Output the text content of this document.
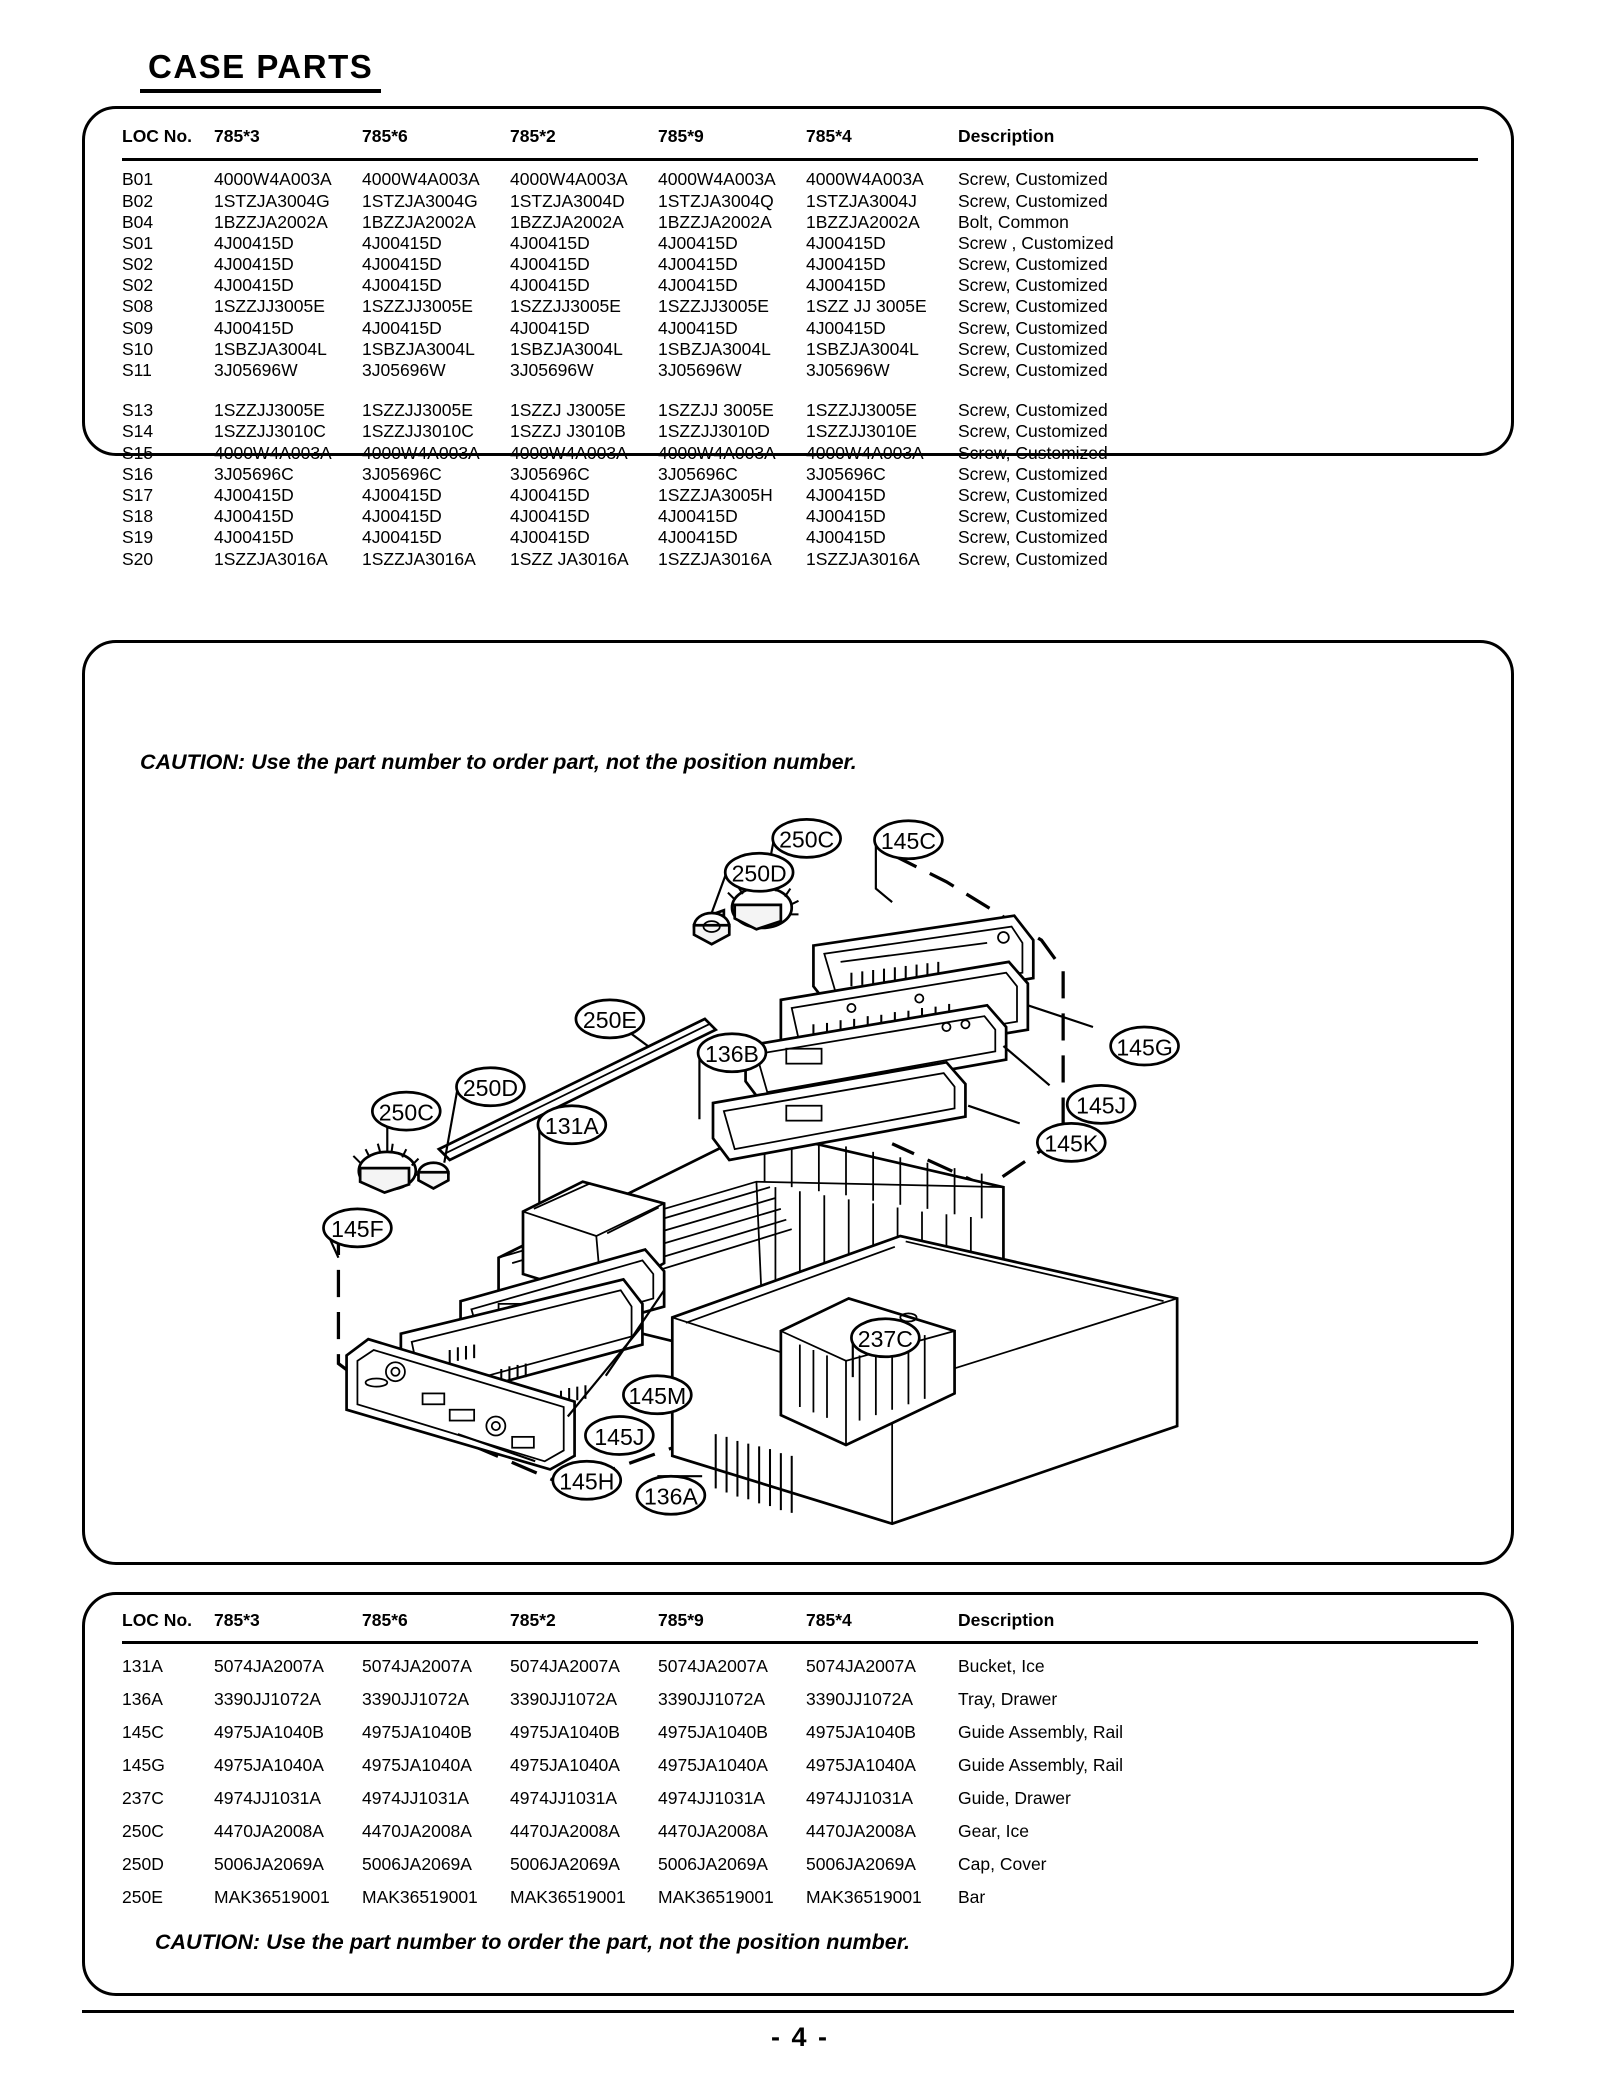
CASE PARTS
LOC No.	785*3	785*6	785*2	785*9	785*4	Description
B01	4000W4A003A	4000W4A003A	4000W4A003A	4000W4A003A	4000W4A003A	Screw, Customized
B02	1STZJA3004G	1STZJA3004G	1STZJA3004D	1STZJA3004Q	1STZJA3004J	Screw, Customized
B04	1BZZJA2002A	1BZZJA2002A	1BZZJA2002A	1BZZJA2002A	1BZZJA2002A	Bolt, Common
S01	4J00415D	4J00415D	4J00415D	4J00415D	4J00415D	Screw , Customized
S02	4J00415D	4J00415D	4J00415D	4J00415D	4J00415D	Screw, Customized
S02	4J00415D	4J00415D	4J00415D	4J00415D	4J00415D	Screw, Customized
S08	1SZZJJ3005E	1SZZJJ3005E	1SZZJJ3005E	1SZZJJ3005E	1SZZ JJ 3005E	Screw, Customized
S09	4J00415D	4J00415D	4J00415D	4J00415D	4J00415D	Screw, Customized
S10	1SBZJA3004L	1SBZJA3004L	1SBZJA3004L	1SBZJA3004L	1SBZJA3004L	Screw, Customized
S11	3J05696W	3J05696W	3J05696W	3J05696W	3J05696W	Screw, Customized

S13	1SZZJJ3005E	1SZZJJ3005E	1SZZJ J3005E	1SZZJJ 3005E	1SZZJJ3005E	Screw, Customized
S14	1SZZJJ3010C	1SZZJJ3010C	1SZZJ J3010B	1SZZJJ3010D	1SZZJJ3010E	Screw, Customized
S15	4000W4A003A	4000W4A003A	4000W4A003A	4000W4A003A	4000W4A003A	Screw, Customized
S16	3J05696C	3J05696C	3J05696C	3J05696C	3J05696C	Screw, Customized
S17	4J00415D	4J00415D	4J00415D	1SZZJA3005H	4J00415D	Screw, Customized
S18	4J00415D	4J00415D	4J00415D	4J00415D	4J00415D	Screw, Customized
S19	4J00415D	4J00415D	4J00415D	4J00415D	4J00415D	Screw, Customized
S20	1SZZJA3016A	1SZZJA3016A	1SZZ JA3016A	1SZZJA3016A	1SZZJA3016A	Screw, Customized
CAUTION: Use the part number to order part, not the position number.
250C
250D
145C
250E
136B
250D
250C
131A
145G
145J
145K
145F
237C
145M
145J
145H
136A
LOC No.	785*3	785*6	785*2	785*9	785*4	Description
131A	5074JA2007A	5074JA2007A	5074JA2007A	5074JA2007A	5074JA2007A	Bucket, Ice
136A	3390JJ1072A	3390JJ1072A	3390JJ1072A	3390JJ1072A	3390JJ1072A	Tray, Drawer
145C	4975JA1040B	4975JA1040B	4975JA1040B	4975JA1040B	4975JA1040B	Guide Assembly, Rail
145G	4975JA1040A	4975JA1040A	4975JA1040A	4975JA1040A	4975JA1040A	Guide Assembly, Rail
237C	4974JJ1031A	4974JJ1031A	4974JJ1031A	4974JJ1031A	4974JJ1031A	Guide, Drawer
250C	4470JA2008A	4470JA2008A	4470JA2008A	4470JA2008A	4470JA2008A	Gear, Ice
250D	5006JA2069A	5006JA2069A	5006JA2069A	5006JA2069A	5006JA2069A	Cap, Cover
250E	MAK36519001	MAK36519001	MAK36519001	MAK36519001	MAK36519001	Bar
CAUTION: Use the part number to order the part, not the position number.
- 4 -
